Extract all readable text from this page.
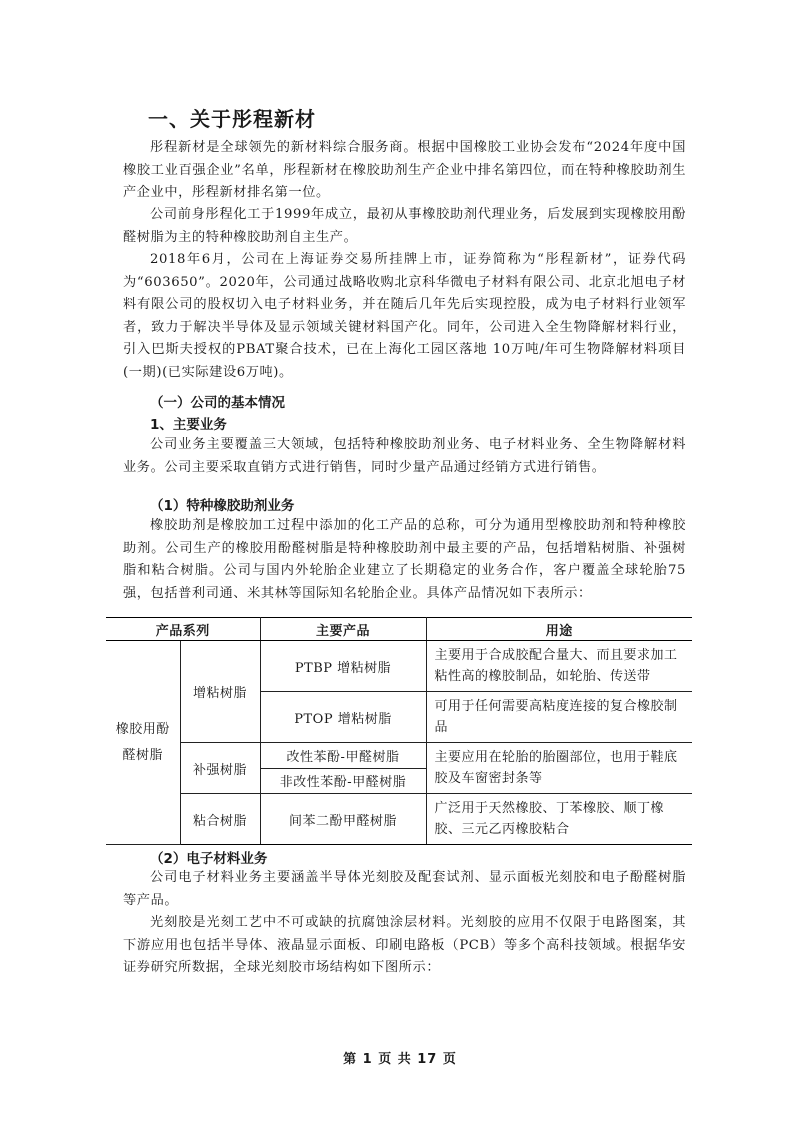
一、关于彤程新材

彤程新材是全球领先的新材料综合服务商。根据中国橡胶工业协会发布“2024年度中国橡胶工业百强企业”名单，彤程新材在橡胶助剂生产企业中排名第四位，而在特种橡胶助剂生产企业中，彤程新材排名第一位。

公司前身彤程化工于1999年成立，最初从事橡胶助剂代理业务，后发展到实现橡胶用酚醛树脂为主的特种橡胶助剂自主生产。

2018年6月，公司在上海证券交易所挂牌上市，证券简称为“彤程新材”，证券代码为“603650”。2020年，公司通过战略收购北京科华微电子材料有限公司、北京北旭电子材料有限公司的股权切入电子材料业务，并在随后几年先后实现控股，成为电子材料行业领军者，致力于解决半导体及显示领域关键材料国产化。同年，公司进入全生物降解材料行业，引入巴斯夫授权的PBAT聚合技术，已在上海化工园区落地 10万吨/年可生物降解材料项目(一期)(已实际建设6万吨)。

（一）公司的基本情况
1、主要业务

公司业务主要覆盖三大领域，包括特种橡胶助剂业务、电子材料业务、全生物降解材料业务。公司主要采取直销方式进行销售，同时少量产品通过经销方式进行销售。

（1）特种橡胶助剂业务

橡胶助剂是橡胶加工过程中添加的化工产品的总称，可分为通用型橡胶助剂和特种橡胶助剂。公司生产的橡胶用酚醛树脂是特种橡胶助剂中最主要的产品，包括增粘树脂、补强树脂和粘合树脂。公司与国内外轮胎企业建立了长期稳定的业务合作，客户覆盖全球轮胎75 强，包括普利司通、米其林等国际知名轮胎企业。具体产品情况如下表所示：

产品系列		主要产品	用途
橡胶用酚醛树脂	增粘树脂	PTBP 增粘树脂	主要用于合成胶配合量大、而且要求加工粘性高的橡胶制品，如轮胎、传送带
		PTOP 增粘树脂	可用于任何需要高粘度连接的复合橡胶制品
	补强树脂	改性苯酚-甲醛树脂	主要应用在轮胎的胎圈部位，也用于鞋底胶及车窗密封条等
		非改性苯酚-甲醛树脂	
	粘合树脂	间苯二酚甲醛树脂	广泛用于天然橡胶、丁苯橡胶、顺丁橡胶、三元乙丙橡胶粘合
（2）电子材料业务

公司电子材料业务主要涵盖半导体光刻胶及配套试剂、显示面板光刻胶和电子酚醛树脂等产品。

光刻胶是光刻工艺中不可或缺的抗腐蚀涂层材料。光刻胶的应用不仅限于电路图案，其下游应用也包括半导体、液晶显示面板、印刷电路板（PCB）等多个高科技领域。根据华安证券研究所数据，全球光刻胶市场结构如下图所示：

第 1 页 共 17 页
